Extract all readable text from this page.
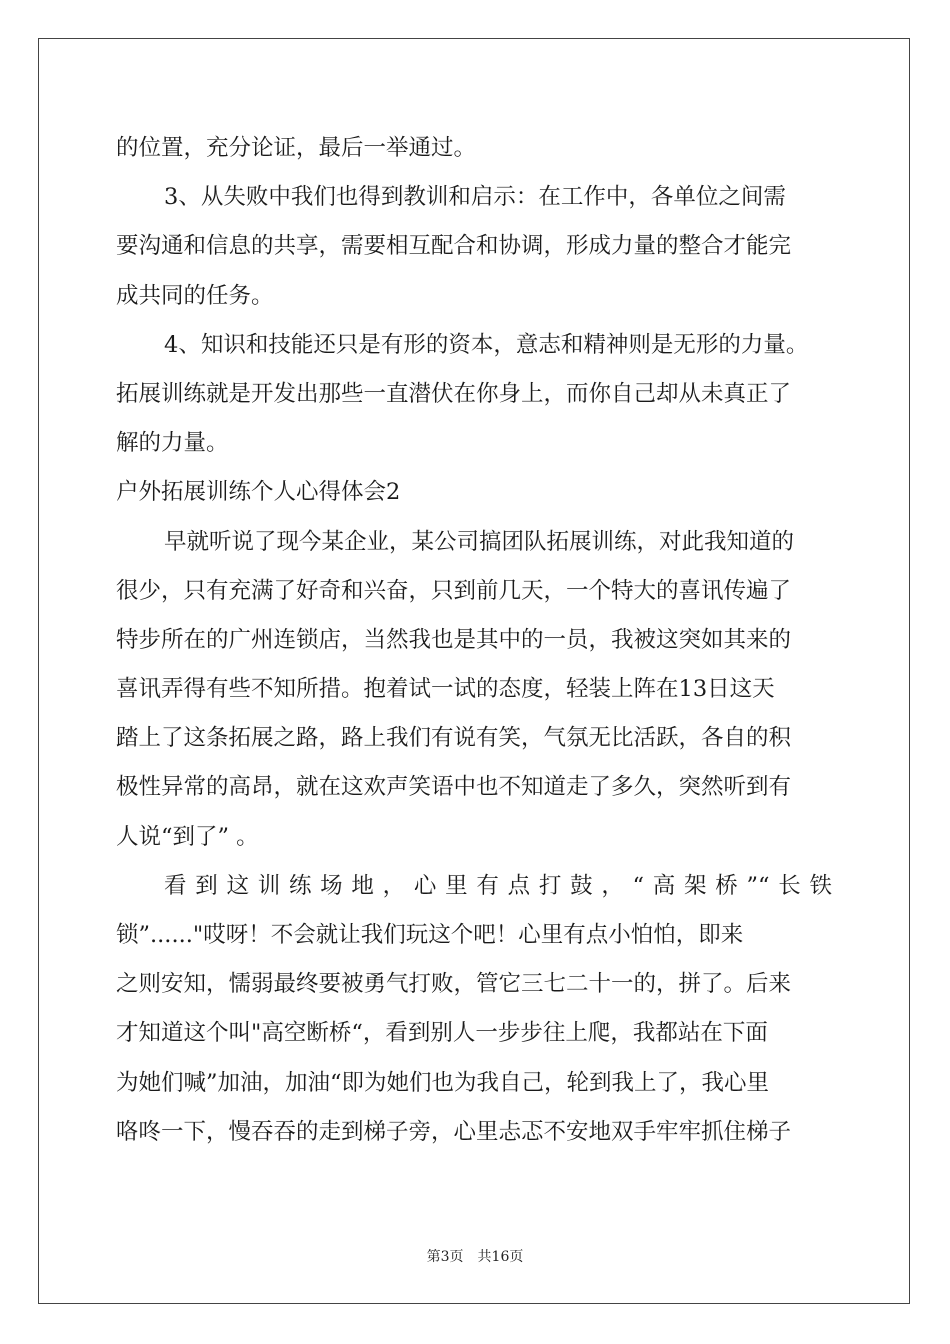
的位置，充分论证，最后一举通过。
3、从失败中我们也得到教训和启示：在工作中，各单位之间需
要沟通和信息的共享，需要相互配合和协调，形成力量的整合才能完
成共同的任务。
4、知识和技能还只是有形的资本，意志和精神则是无形的力量。
拓展训练就是开发出那些一直潜伏在你身上，而你自己却从未真正了
解的力量。
户外拓展训练个人心得体会2
早就听说了现今某企业，某公司搞团队拓展训练，对此我知道的
很少，只有充满了好奇和兴奋，只到前几天，一个特大的喜讯传遍了
特步所在的广州连锁店，当然我也是其中的一员，我被这突如其来的
喜讯弄得有些不知所措。抱着试一试的态度，轻装上阵在13日这天
踏上了这条拓展之路，路上我们有说有笑，气氛无比活跃，各自的积
极性异常的高昂，就在这欢声笑语中也不知道走了多久，突然听到有
人说“到了” 。
看到这训练场地，心里有点打鼓，“高架桥”“长铁
锁”......"哎呀！不会就让我们玩这个吧！心里有点小怕怕，即来
之则安知，懦弱最终要被勇气打败，管它三七二十一的，拼了。后来
才知道这个叫"高空断桥“，看到别人一步步往上爬，我都站在下面
为她们喊”加油，加油“即为她们也为我自己，轮到我上了，我心里
咯咚一下，慢吞吞的走到梯子旁，心里忐忑不安地双手牢牢抓住梯子
第3页　共16页
